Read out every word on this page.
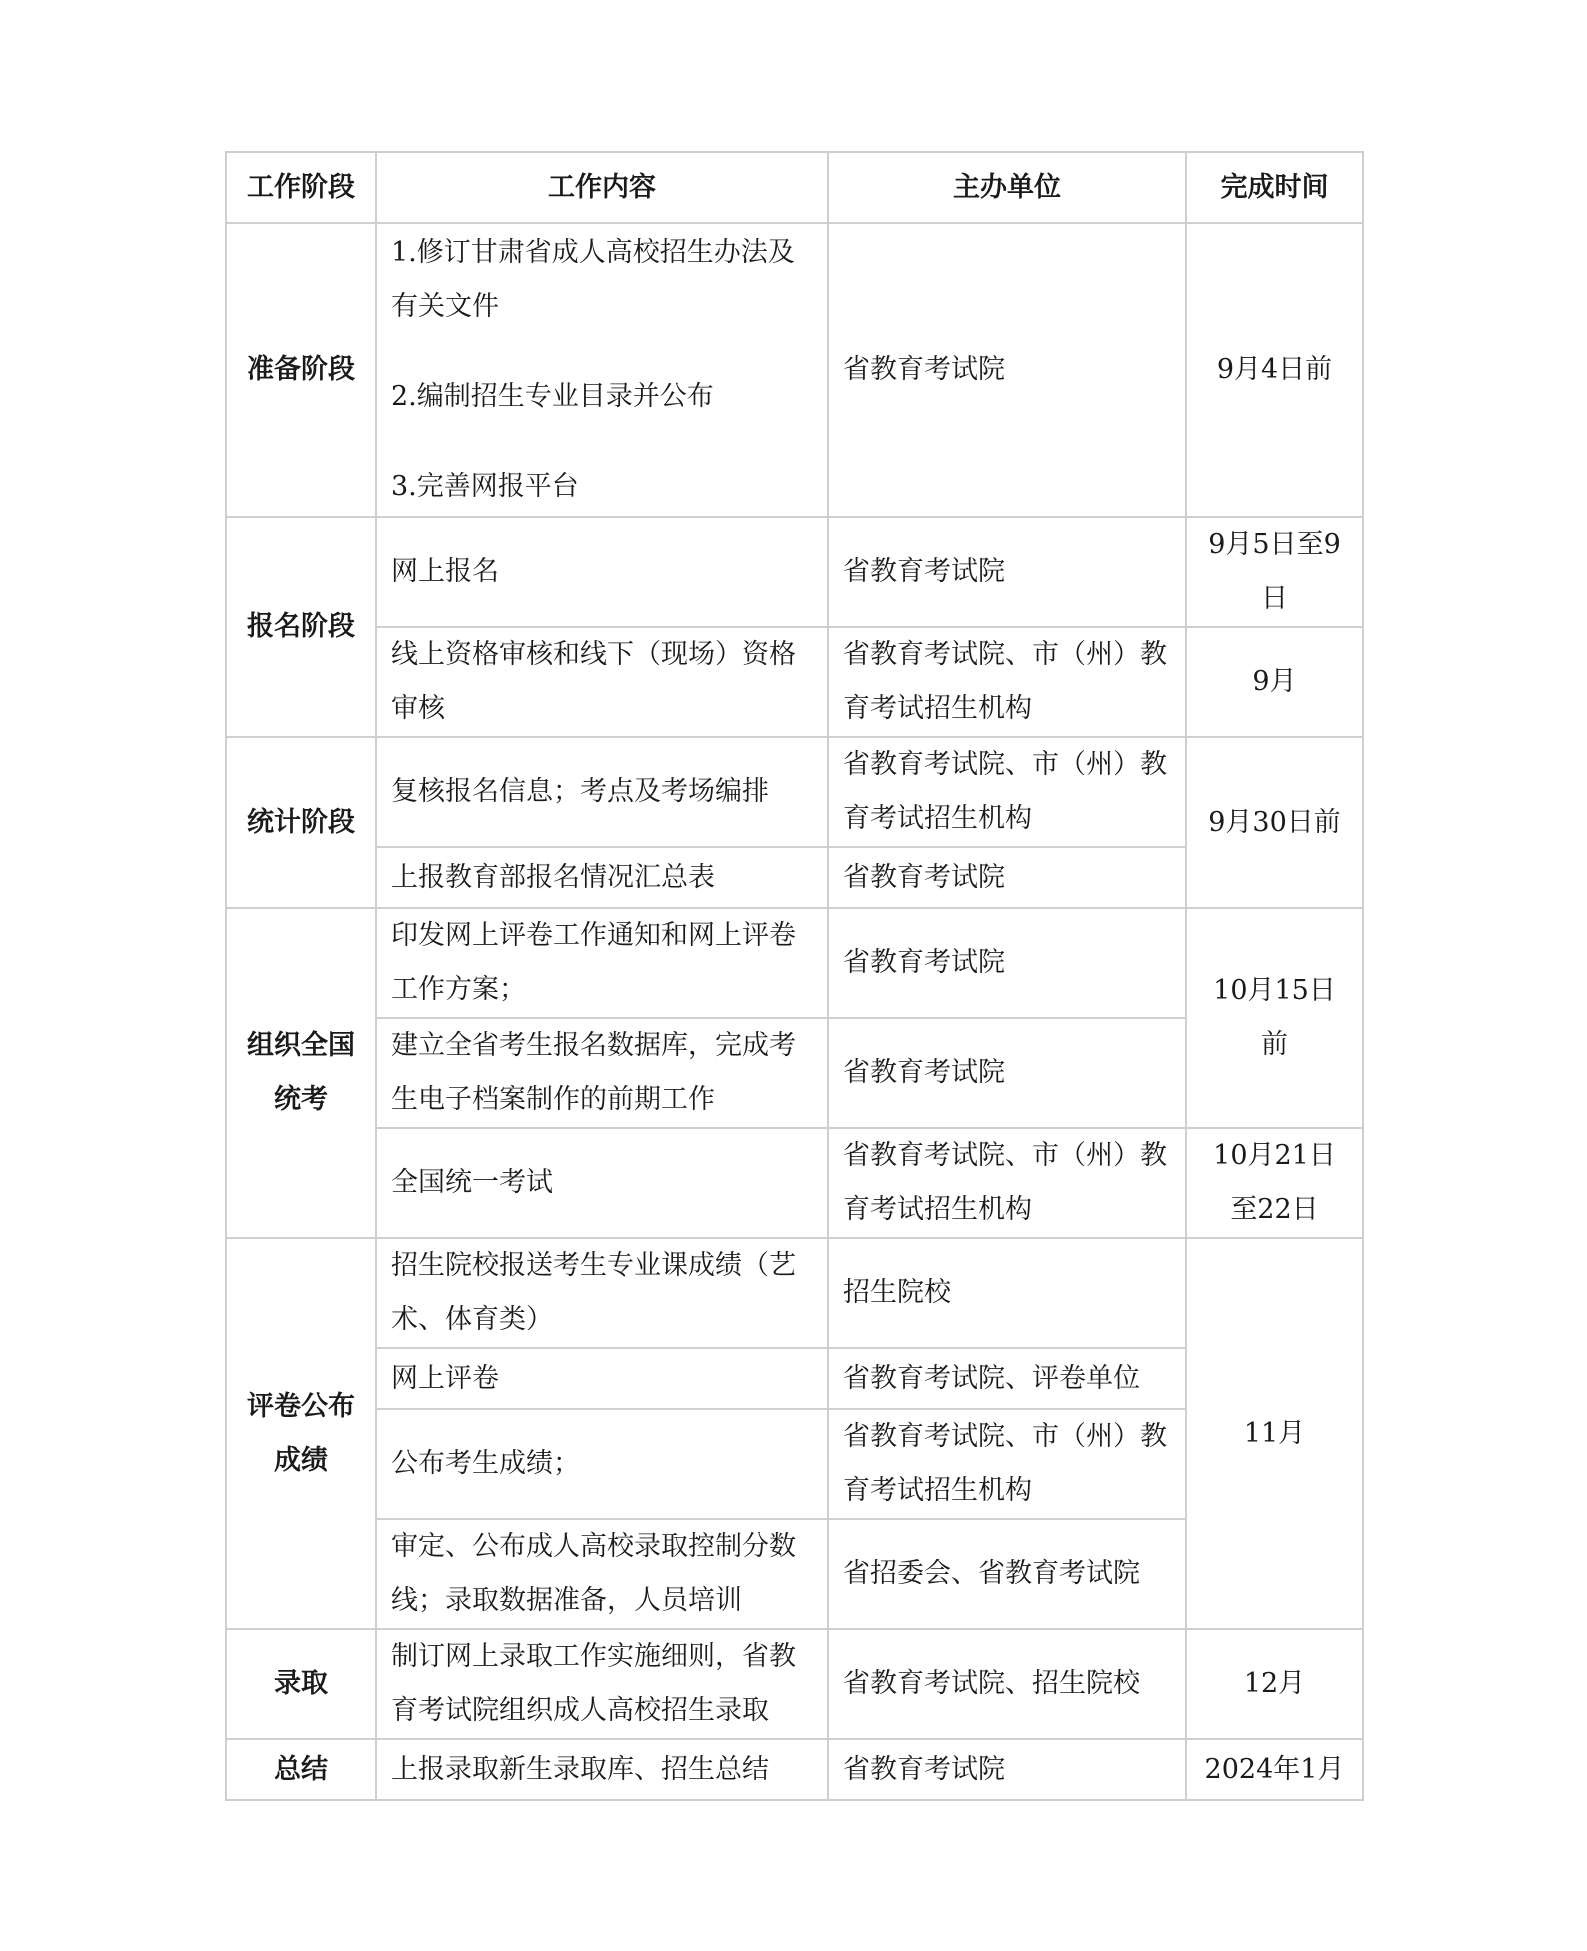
工作阶段	工作内容	主办单位	完成时间
准备阶段	1.修订甘肃省成人高校招生办法及有关文件
2.编制招生专业目录并公布
3.完善网报平台	省教育考试院	9月4日前
报名阶段	网上报名	省教育考试院	9月5日至9日
	线上资格审核和线下（现场）资格审核	省教育考试院、市（州）教育考试招生机构	9月
统计阶段	复核报名信息；考点及考场编排	省教育考试院、市（州）教育考试招生机构	9月30日前
	上报教育部报名情况汇总表	省教育考试院	
组织全国统考	印发网上评卷工作通知和网上评卷工作方案；	省教育考试院	10月15日前
	建立全省考生报名数据库，完成考生电子档案制作的前期工作	省教育考试院	
	全国统一考试	省教育考试院、市（州）教育考试招生机构	10月21日至22日
评卷公布成绩	招生院校报送考生专业课成绩（艺术、体育类）	招生院校	11月
	网上评卷	省教育考试院、评卷单位	
	公布考生成绩；	省教育考试院、市（州）教育考试招生机构	
	审定、公布成人高校录取控制分数线；录取数据准备，人员培训	省招委会、省教育考试院	
录取	制订网上录取工作实施细则，省教育考试院组织成人高校招生录取	省教育考试院、招生院校	12月
总结	上报录取新生录取库、招生总结	省教育考试院	2024年1月
